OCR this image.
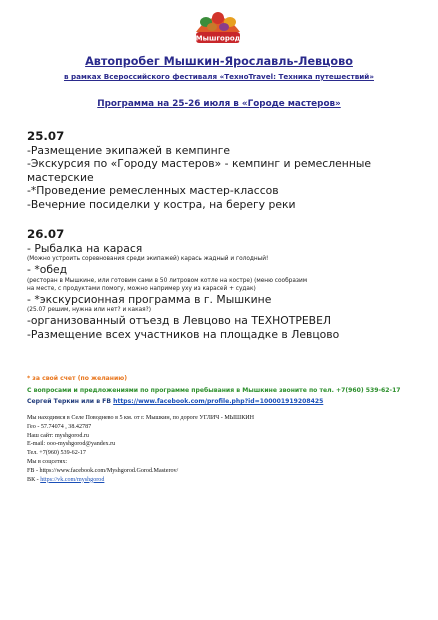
Мышгород
Автопробег Мышкин-Ярославль-Левцово
в рамках Всероссийского фестиваля «ТехноTravel: Техника путешествий»
Программа на 25-26 июля в «Городе мастеров»
25.07
-Размещение экипажей в кемпинге
-Экскурсия по «Городу мастеров» - кемпинг и ремесленные
мастерские
-*Проведение ремесленных мастер-классов
-Вечерние посиделки у костра, на берегу реки
26.07
- Рыбалка на карася
(Можно устроить соревнования среди экипажей) карась жадный и голодный!
- *обед
(ресторан в Мышкине, или готовим сами в 50 литровом котле на костре) (меню сообразим
на месте, с продуктами помогу, можно например уху из карасей + судак)
- *экскурсионная программа в г. Мышкине
(25.07 решим, нужна или нет? и какая?)
-организованный отъезд в Левцово на ТЕХНОТРЕВЕЛ
-Размещение всех участников на площадке в Левцово
* за свой счет (по желанию)
С вопросами и предложениями по программе пребывания в Мышкине звоните по тел. +7(960) 539-62-17
Сергей Теркин или в FB https://www.facebook.com/profile.php?id=100001919208425
Мы находимся в Селе Поводнево в 5 км. от г. Мышкин, по дороге УГЛИЧ - МЫШКИН
Гео - 57.74074 , 38.42787
Наш сайт: myshgorod.ru
E-mail: ooo-myshgorod@yandex.ru
Тел. +7(960) 539-62-17
Мы в соцсетях:
FB - https://www.facebook.com/Myshgorod.Gorod.Masterov/
ВК - https://vk.com/myshgorod
